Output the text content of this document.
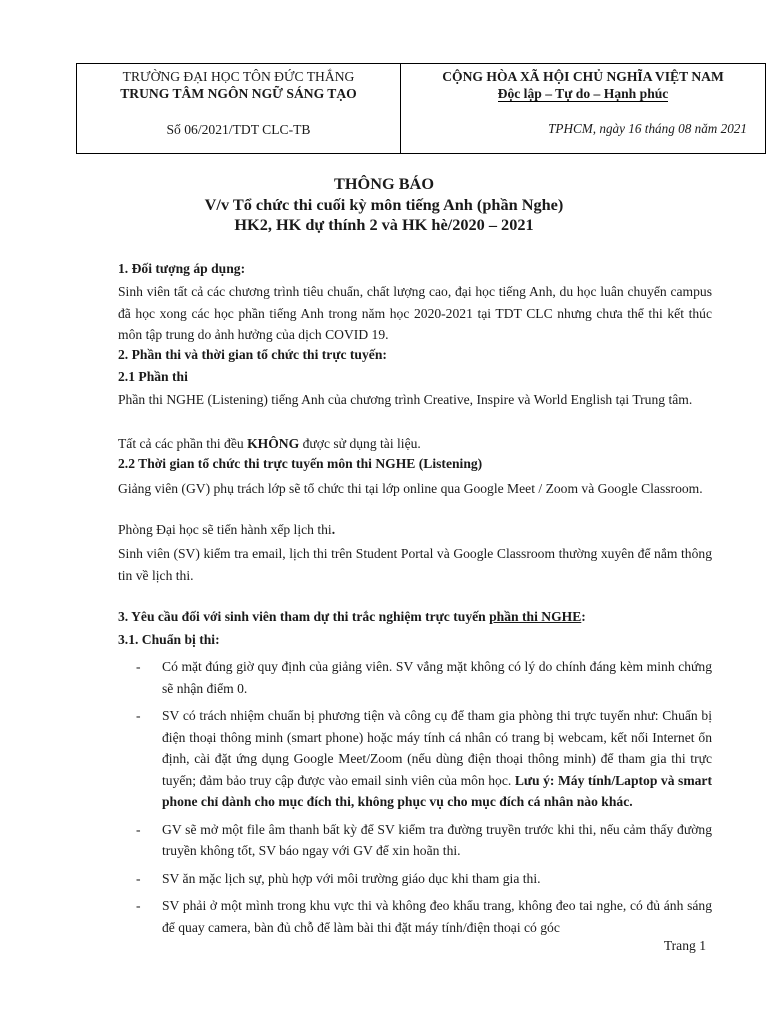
TRƯỜNG ĐẠI HỌC TÔN ĐỨC THẮNG
TRUNG TÂM NGÔN NGỮ SÁNG TẠO
Số 06/2021/TDT CLC-TB
CỘNG HÒA XÃ HỘI CHỦ NGHĨA VIỆT NAM
Độc lập – Tự do – Hạnh phúc
TPHCM, ngày 16 tháng 08 năm 2021
THÔNG BÁO
V/v Tổ chức thi cuối kỳ môn tiếng Anh (phần Nghe)
HK2, HK dự thính 2 và HK hè/2020 – 2021
1. Đối tượng áp dụng:
Sinh viên tất cả các chương trình tiêu chuẩn, chất lượng cao, đại học tiếng Anh, du học luân chuyển campus đã học xong các học phần tiếng Anh trong năm học 2020-2021 tại TDT CLC nhưng chưa thể thi kết thúc môn tập trung do ảnh hưởng của dịch COVID 19.
2. Phần thi và thời gian tổ chức thi trực tuyến:
2.1 Phần thi
Phần thi NGHE (Listening) tiếng Anh của chương trình Creative, Inspire và World English tại Trung tâm.
Tất cả các phần thi đều KHÔNG được sử dụng tài liệu.
2.2 Thời gian tổ chức thi trực tuyến môn thi NGHE (Listening)
Giảng viên (GV) phụ trách lớp sẽ tổ chức thi tại lớp online qua Google Meet / Zoom và Google Classroom.
Phòng Đại học sẽ tiến hành xếp lịch thi.
Sinh viên (SV) kiểm tra email, lịch thi trên Student Portal và Google Classroom thường xuyên để nắm thông tin về lịch thi.
3. Yêu cầu đối với sinh viên tham dự thi trắc nghiệm trực tuyến phần thi NGHE:
3.1. Chuẩn bị thi:
- Có mặt đúng giờ quy định của giảng viên. SV vắng mặt không có lý do chính đáng kèm minh chứng sẽ nhận điểm 0.
- SV có trách nhiệm chuẩn bị phương tiện và công cụ để tham gia phòng thi trực tuyến như: Chuẩn bị điện thoại thông minh (smart phone) hoặc máy tính cá nhân có trang bị webcam, kết nối Internet ổn định, cài đặt ứng dụng Google Meet/Zoom (nếu dùng điện thoại thông minh) để tham gia thi trực tuyến; đảm bảo truy cập được vào email sinh viên của môn học. Lưu ý: Máy tính/Laptop và smart phone chỉ dành cho mục đích thi, không phục vụ cho mục đích cá nhân nào khác.
- GV sẽ mở một file âm thanh bất kỳ để SV kiểm tra đường truyền trước khi thi, nếu cảm thấy đường truyền không tốt, SV báo ngay với GV để xin hoãn thi.
- SV ăn mặc lịch sự, phù hợp với môi trường giáo dục khi tham gia thi.
- SV phải ở một mình trong khu vực thi và không đeo khẩu trang, không đeo tai nghe, có đủ ánh sáng để quay camera, bàn đủ chỗ để làm bài thi đặt máy tính/điện thoại có góc
Trang 1
